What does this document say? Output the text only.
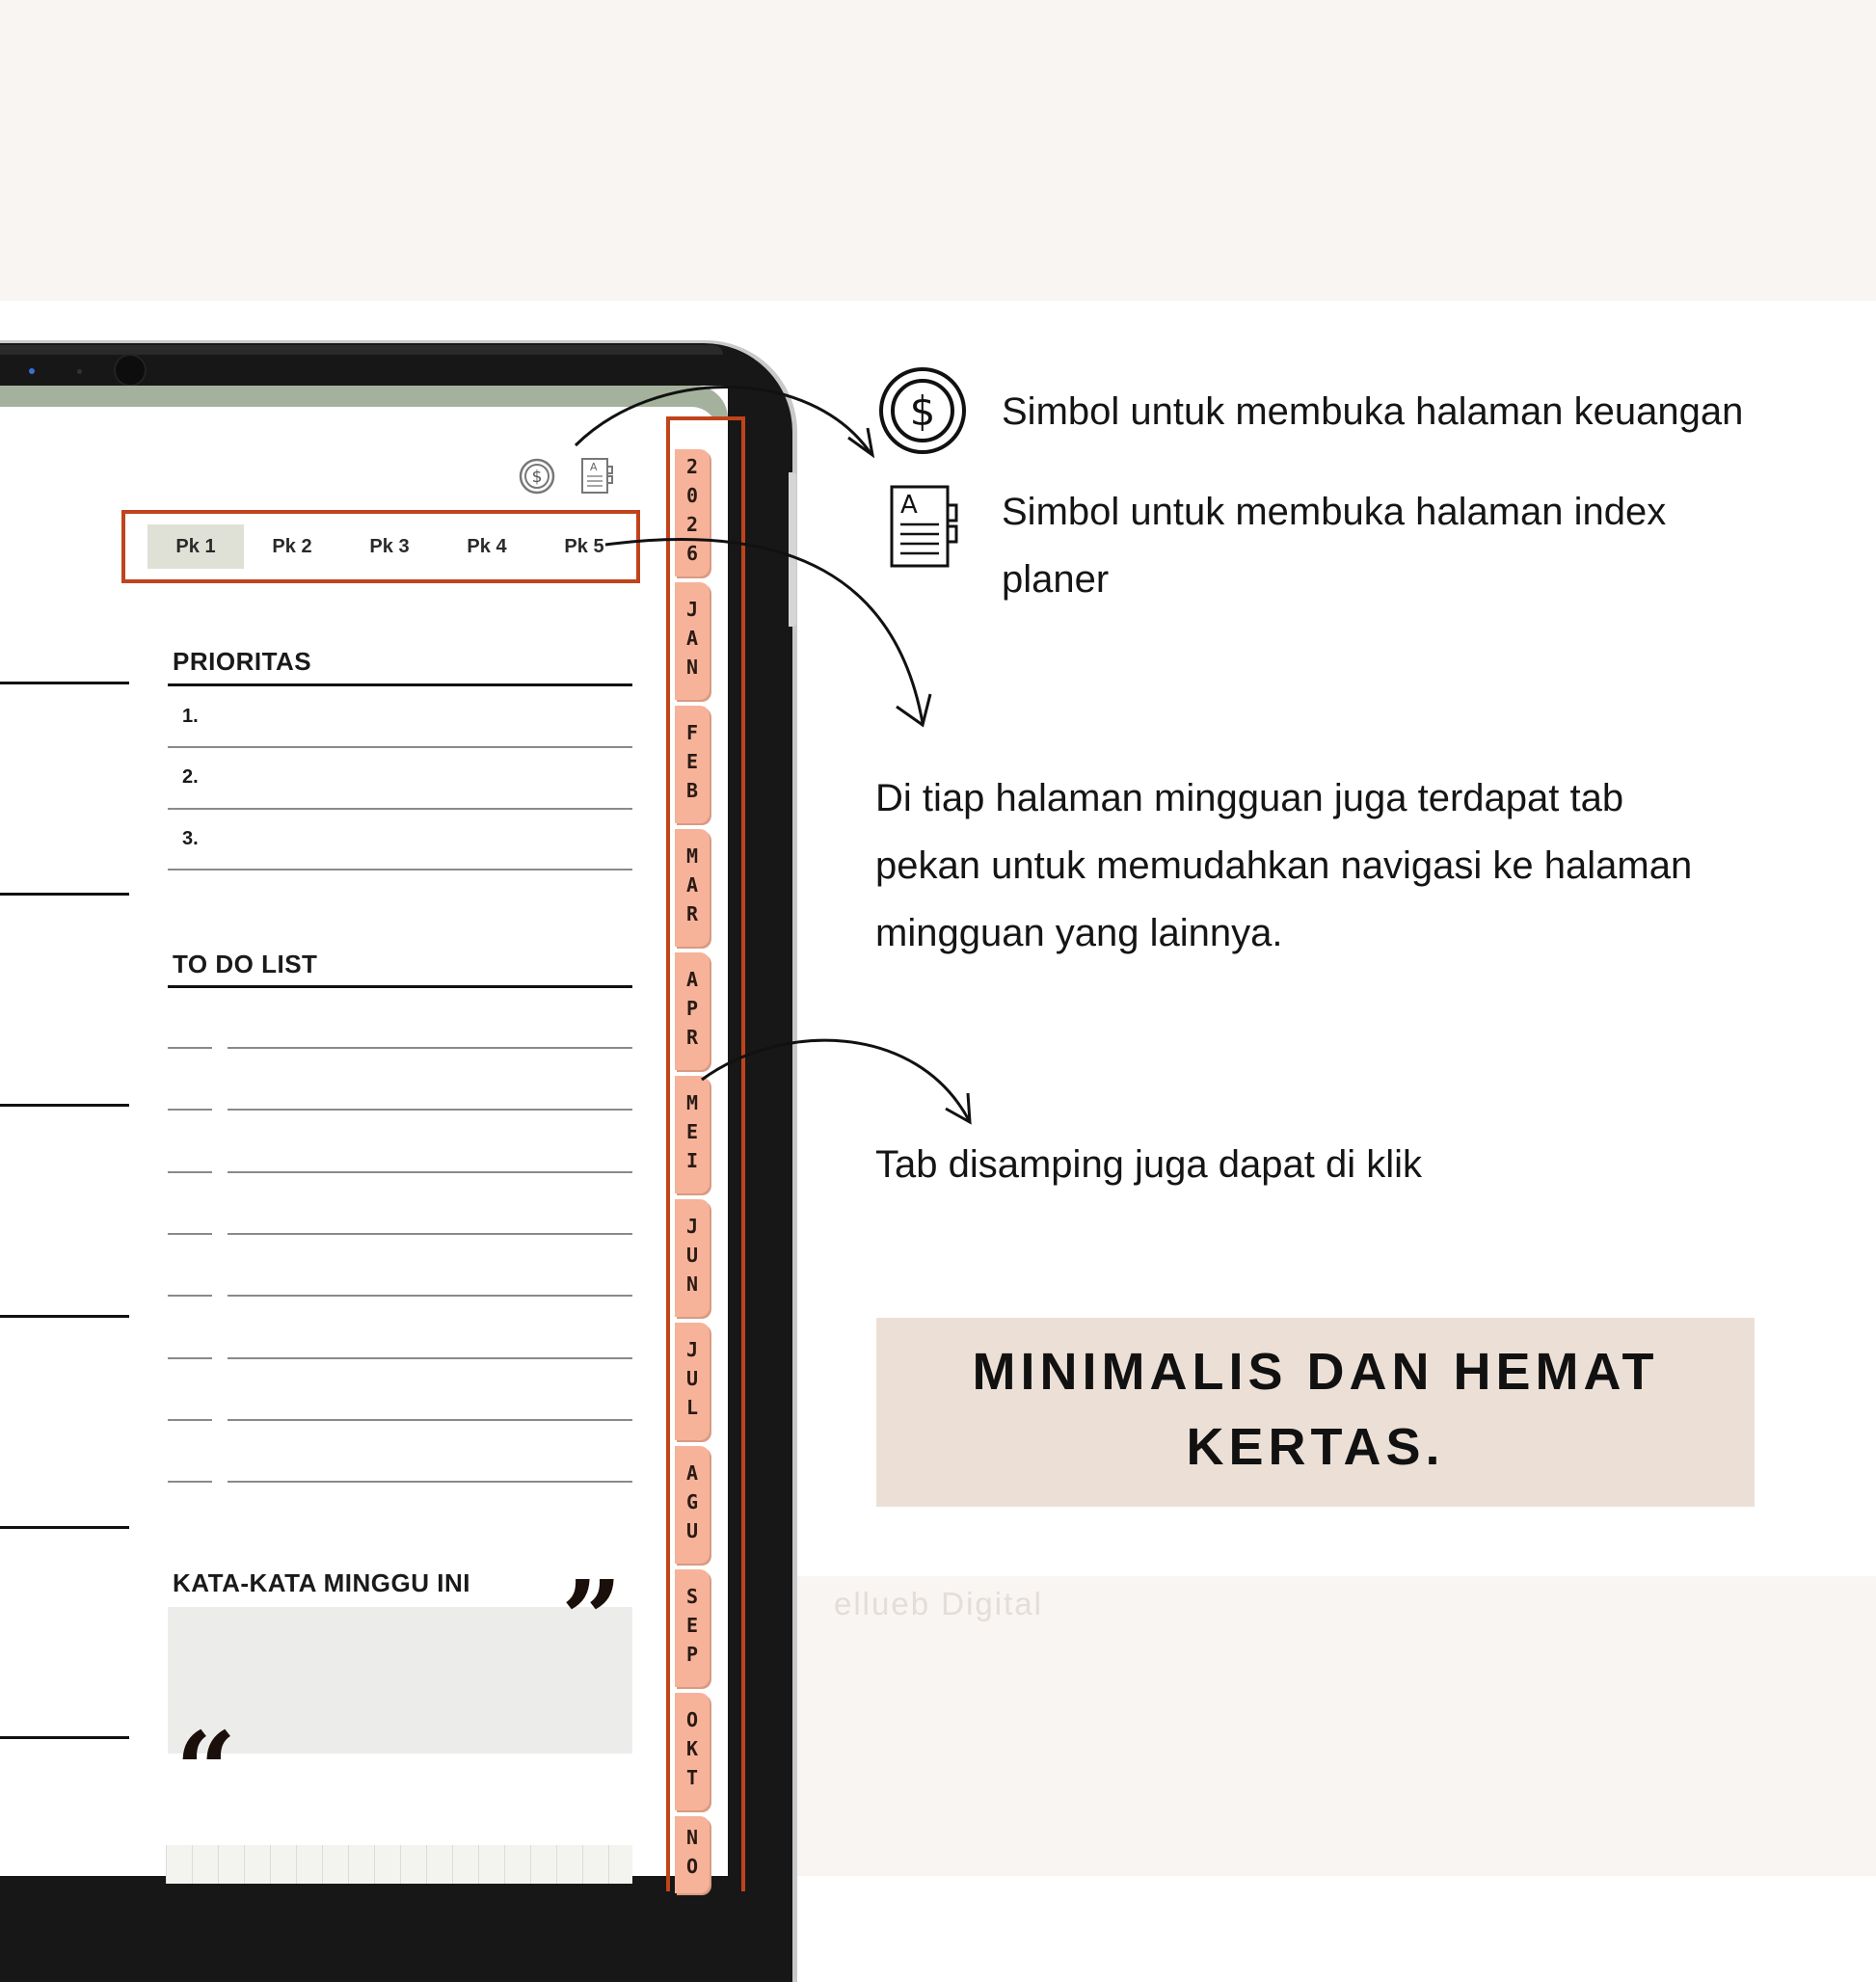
ellueb Digital
$
A
Pk 1	Pk 2	Pk 3	Pk 4	Pk 5
PRIORITAS
1.
2.
3.
TO DO LIST
KATA-KATA MINGGU INI ”
“
2026
JAN
FEB
MAR
APR
MEI
JUN
JUL
AGU
SEP
OKT
NO
$
A
Simbol untuk membuka halaman keuangan
Simbol untuk membuka halaman index
planer
Di tiap halaman mingguan juga terdapat tab
pekan untuk memudahkan navigasi ke halaman
mingguan yang lainnya.
Tab disamping juga dapat di klik
MINIMALIS DAN HEMAT
KERTAS.
